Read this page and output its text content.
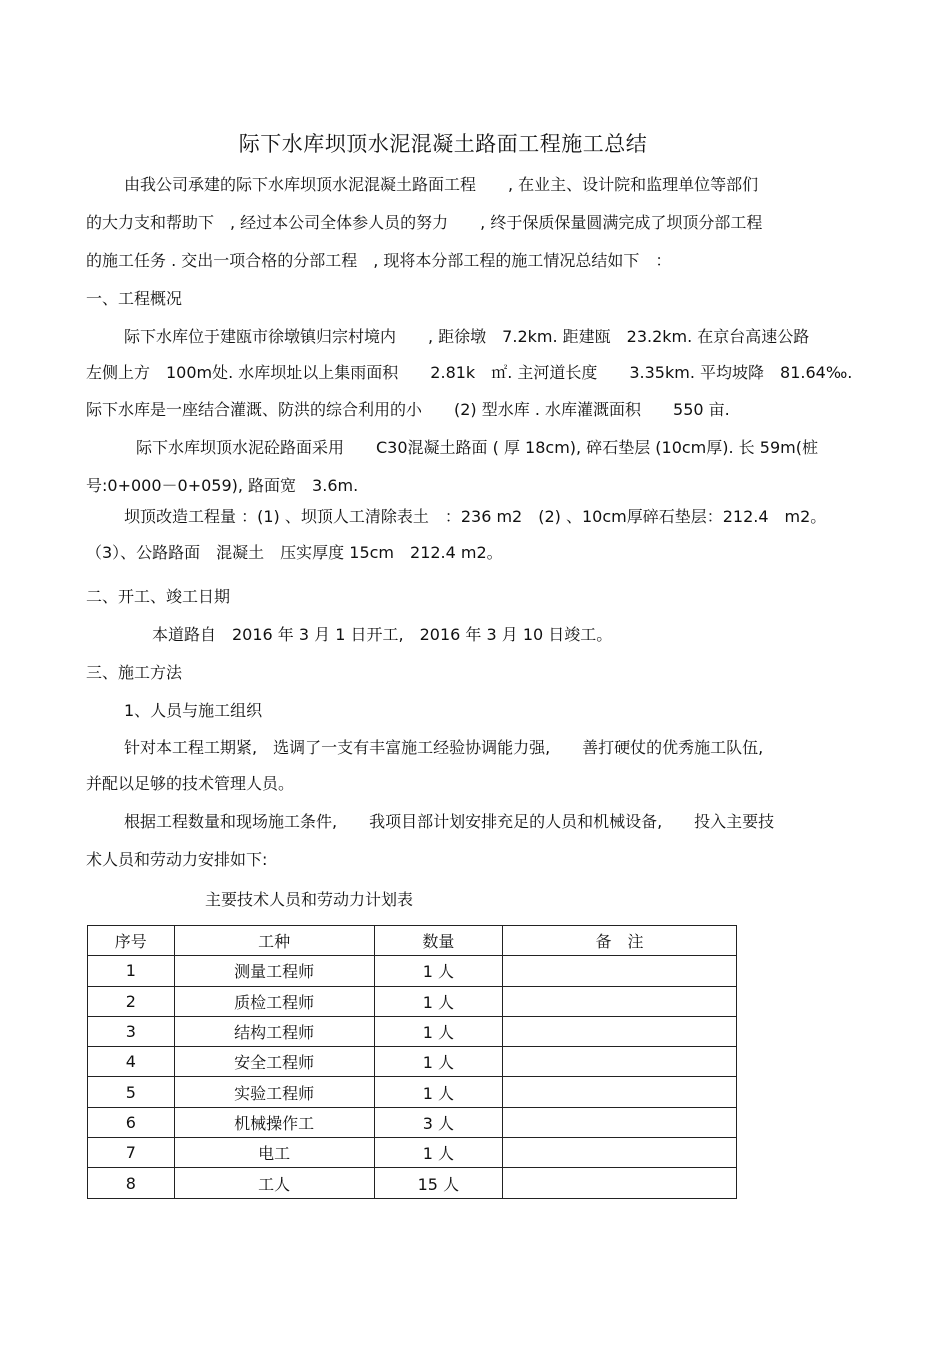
际下水库坝顶水泥混凝土路面工程施工总结
由我公司承建的际下水库坝顶水泥混凝土路面工程　　, 在业主、设计院和监理单位等部们
的大力支和帮助下　, 经过本公司全体参人员的努力　　, 终于保质保量圆满完成了坝顶分部工程
的施工任务 . 交出一项合格的分部工程　, 现将本分部工程的施工情况总结如下　：
一、工程概况
际下水库位于建瓯市徐墩镇归宗村境内　　, 距徐墩　7.2km. 距建瓯　23.2km. 在京台高速公路
左侧上方　100m处. 水库坝址以上集雨面积　　2.81k　㎡. 主河道长度　　3.35km. 平均坡降　81.64‰.
际下水库是一座结合灌溉、防洪的综合利用的小　　(2) 型水库 . 水库灌溉面积　　550 亩.
际下水库坝顶水泥砼路面采用　　C30混凝土路面 ( 厚 18cm), 碎石垫层 (10cm厚). 长 59m(桩
号:0+000－0+059), 路面宽　3.6m.
坝顶改造工程量 ：(1) 、坝顶人工清除表土　：236 m2　(2) 、10cm厚碎石垫层：212.4　m2。
（3）、公路路面　混凝土　压实厚度 15cm　212.4 m2。
二、开工、竣工日期
本道路自　2016 年 3 月 1 日开工,　2016 年 3 月 10 日竣工。
三、施工方法
1、人员与施工组织
针对本工程工期紧,　选调了一支有丰富施工经验协调能力强,　　善打硬仗的优秀施工队伍,
并配以足够的技术管理人员。
根据工程数量和现场施工条件,　　我项目部计划安排充足的人员和机械设备,　　投入主要技
术人员和劳动力安排如下:
主要技术人员和劳动力计划表
序号	工种	数量	备　注
1	测量工程师	1 人	
2	质检工程师	1 人	
3	结构工程师	1 人	
4	安全工程师	1 人	
5	实验工程师	1 人	
6	机械操作工	3 人	
7	电工	1 人	
8	工人	15 人	
